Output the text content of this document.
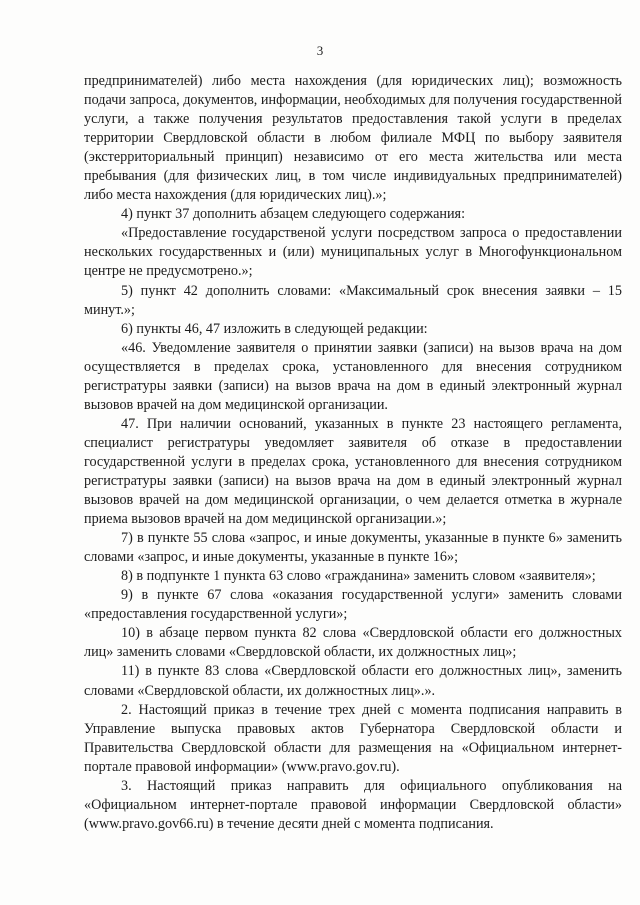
3

предпринимателей) либо места нахождения (для юридических лиц); возможность подачи запроса, документов, информации, необходимых для получения государственной услуги, а также получения результатов предоставления такой услуги в пределах территории Свердловской области в любом филиале МФЦ по выбору заявителя (экстерриториальный принцип) независимо от его места жительства или места пребывания (для физических лиц, в том числе индивидуальных предпринимателей) либо места нахождения (для юридических лиц).»;

4) пункт 37 дополнить абзацем следующего содержания:

«Предоставление государственой услуги посредством запроса о предоставлении нескольких государственных и (или) муниципальных услуг в Многофункциональном центре не предусмотрено.»;

5) пункт 42 дополнить словами: «Максимальный срок внесения заявки – 15 минут.»;

6) пункты 46, 47 изложить в следующей редакции:

«46. Уведомление заявителя о принятии заявки (записи) на вызов врача на дом осуществляется в пределах срока, установленного для внесения сотрудником регистратуры заявки (записи) на вызов врача на дом в единый электронный журнал вызовов врачей на дом медицинской организации.

47. При наличии оснований, указанных в пункте 23 настоящего регламента, специалист регистратуры уведомляет заявителя об отказе в предоставлении государственной услуги в пределах срока, установленного для внесения сотрудником регистратуры заявки (записи) на вызов врача на дом в единый электронный журнал вызовов врачей на дом медицинской организации, о чем делается отметка в журнале приема вызовов врачей на дом медицинской организации.»;

7) в пункте 55 слова «запрос, и иные документы, указанные в пункте 6» заменить словами «запрос, и иные документы, указанные в пункте 16»;

8) в подпункте 1 пункта 63 слово «гражданина» заменить словом «заявителя»;

9) в пункте 67 слова «оказания государственной услуги» заменить словами «предоставления государственной услуги»;

10) в абзаце первом пункта 82 слова «Свердловской области его должностных лиц» заменить словами «Свердловской области, их должностных лиц»;

11) в пункте 83 слова «Свердловской области его должностных лиц», заменить словами «Свердловской области, их должностных лиц».».

2. Настоящий приказ в течение трех дней с момента подписания направить в Управление выпуска правовых актов Губернатора Свердловской области и Правительства Свердловской области для размещения на «Официальном интернет-портале правовой информации» (www.pravo.gov.ru).

3. Настоящий приказ направить для официального опубликования на «Официальном интернет-портале правовой информации Свердловской области» (www.pravo.gov66.ru) в течение десяти дней с момента подписания.
